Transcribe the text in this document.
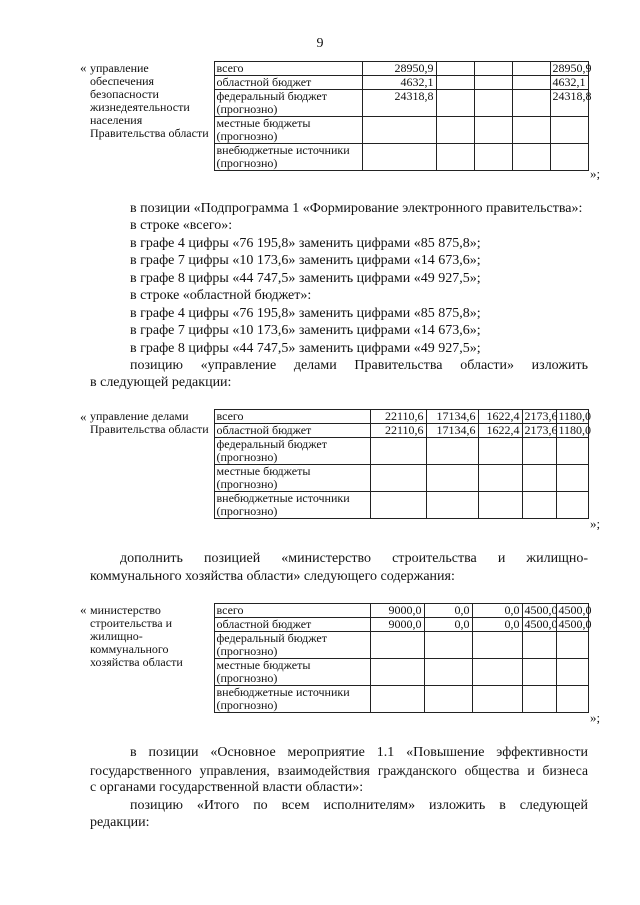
9
« управление обеспечения безопасности жизнедеятельности населения Правительства области	всего	28950,9				28950,9
	областной бюджет	4632,1				4632,1
	федеральный бюджет (прогнозно)	24318,8				24318,8
	местные бюджеты (прогнозно)					
	внебюджетные источники (прогнозно)					
»;
в позиции «Подпрограмма 1 «Формирование электронного правительства»:
в строке «всего»:
в графе 4 цифры «76 195,8» заменить цифрами «85 875,8»;
в графе 7 цифры «10 173,6» заменить цифрами «14 673,6»;
в графе 8 цифры «44 747,5» заменить цифрами «49 927,5»;
в строке «областной бюджет»:
в графе 4 цифры «76 195,8» заменить цифрами «85 875,8»;
в графе 7 цифры «10 173,6» заменить цифрами «14 673,6»;
в графе 8 цифры «44 747,5» заменить цифрами «49 927,5»;
позицию «управление делами Правительства области» изложить
в следующей редакции:
« управление делами Правительства области	всего	22110,6	17134,6	1622,4	2173,6	1180,0
	областной бюджет	22110,6	17134,6	1622,4	2173,6	1180,0
	федеральный бюджет (прогнозно)					
	местные бюджеты (прогнозно)					
	внебюджетные источники (прогнозно)					
»;
дополнить позицией «министерство строительства и жилищно-
коммунального хозяйства области» следующего содержания:
« министерство строительства и жилищно-коммунального хозяйства области	всего	9000,0	0,0	0,0	4500,0	4500,0
	областной бюджет	9000,0	0,0	0,0	4500,0	4500,0
	федеральный бюджет (прогнозно)					
	местные бюджеты (прогнозно)					
	внебюджетные источники (прогнозно)					
»;
в позиции «Основное мероприятие 1.1 «Повышение эффективности
государственного управления, взаимодействия гражданского общества и бизнеса
с органами государственной власти области»:
позицию «Итого по всем исполнителям» изложить в следующей
редакции:
